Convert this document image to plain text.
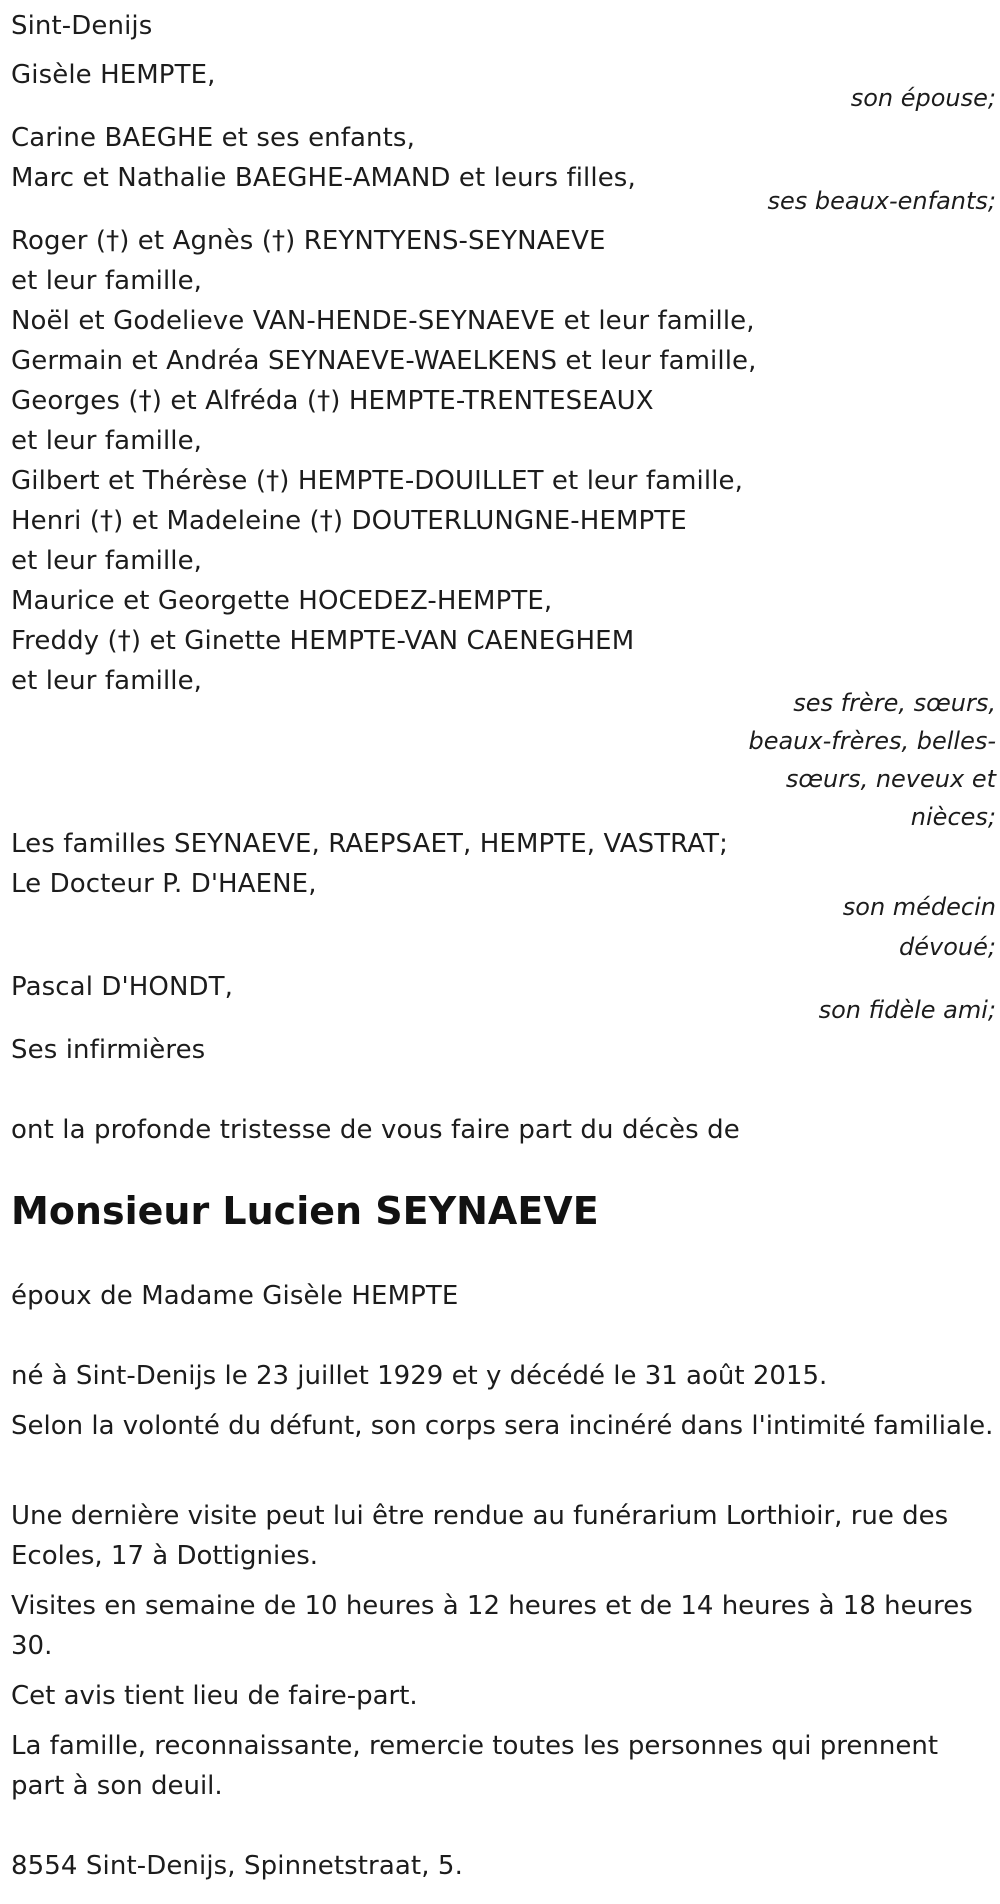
Sint-Denijs
Gisèle HEMPTE,
son épouse;
Carine BAEGHE et ses enfants,
Marc et Nathalie BAEGHE-AMAND et leurs filles,
ses beaux-enfants;
Roger (†) et Agnès (†) REYNTYENS-SEYNAEVE
et leur famille,
Noël et Godelieve VAN-HENDE-SEYNAEVE et leur famille,
Germain et Andréa SEYNAEVE-WAELKENS et leur famille,
Georges (†) et Alfréda (†) HEMPTE-TRENTESEAUX
et leur famille,
Gilbert et Thérèse (†) HEMPTE-DOUILLET et leur famille,
Henri (†) et Madeleine (†) DOUTERLUNGNE-HEMPTE
et leur famille,
Maurice et Georgette HOCEDEZ-HEMPTE,
Freddy (†) et Ginette HEMPTE-VAN CAENEGHEM
et leur famille,
ses frère, sœurs, beaux-frères, belles-sœurs, neveux et nièces;
Les familles SEYNAEVE, RAEPSAET, HEMPTE, VASTRAT;
Le Docteur P. D'HAENE,
son médecin dévoué;
Pascal D'HONDT,
son fidèle ami;
Ses infirmières
ont la profonde tristesse de vous faire part du décès de
Monsieur Lucien SEYNAEVE
époux de Madame Gisèle HEMPTE
né à Sint-Denijs le 23 juillet 1929 et y décédé le 31 août 2015.
Selon la volonté du défunt, son corps sera incinéré dans l'intimité familiale.
Une dernière visite peut lui être rendue au funérarium Lorthioir, rue des Ecoles, 17 à Dottignies.
Visites en semaine de 10 heures à 12 heures et de 14 heures à 18 heures 30.
Cet avis tient lieu de faire-part.
La famille, reconnaissante, remercie toutes les personnes qui prennent part à son deuil.
8554 Sint-Denijs, Spinnetstraat, 5.
